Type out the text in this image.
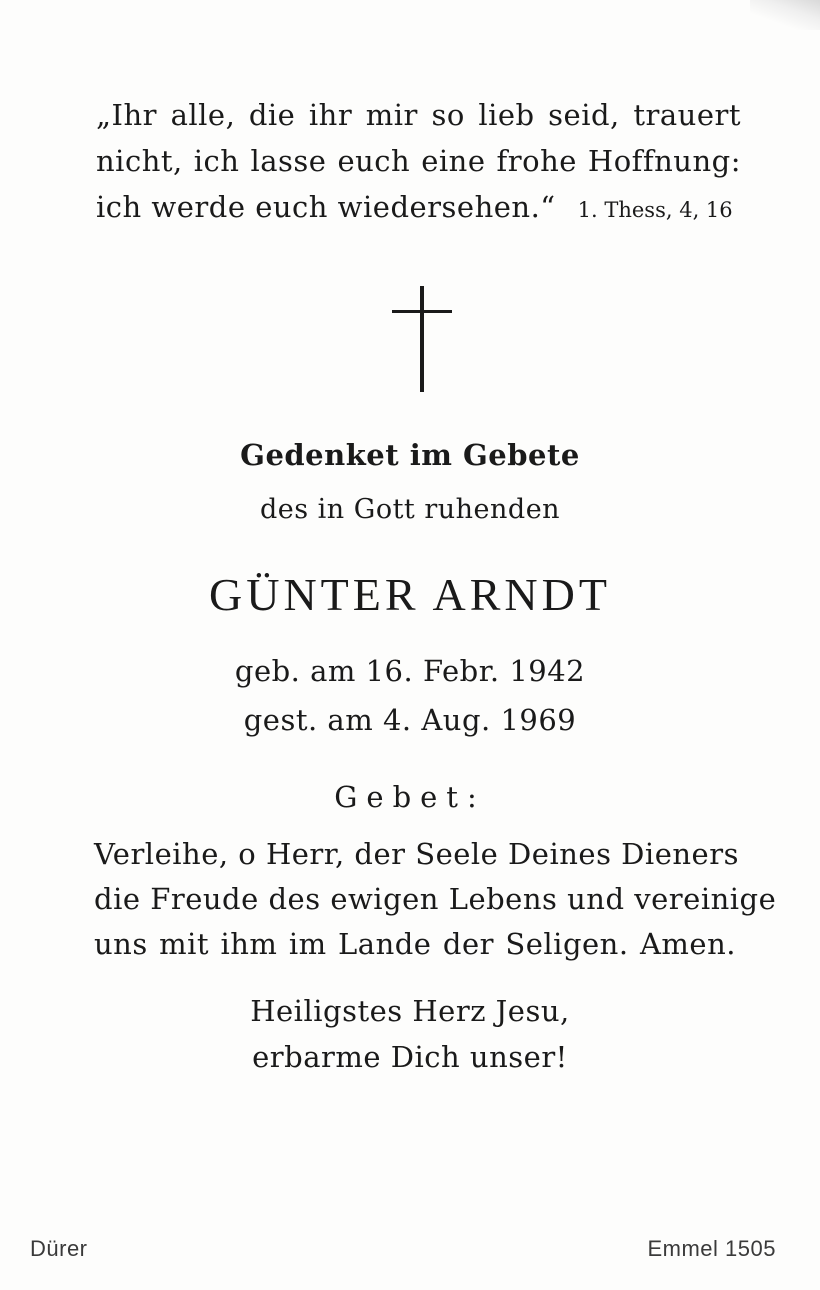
„Ihr alle, die ihr mir so lieb seid, trauert
nicht, ich lasse euch eine frohe Hoffnung:
ich werde euch wiedersehen.“ 1. Thess, 4, 16
Gedenket im Gebete
des in Gott ruhenden
GÜNTER ARNDT
geb. am 16. Febr. 1942
gest. am 4. Aug. 1969
Gebet:
Verleihe, o Herr, der Seele Deines Dieners
die Freude des ewigen Lebens und vereinige
uns mit ihm im Lande der Seligen. Amen.
Heiligstes Herz Jesu,
erbarme Dich unser!
Dürer	Emmel 1505
